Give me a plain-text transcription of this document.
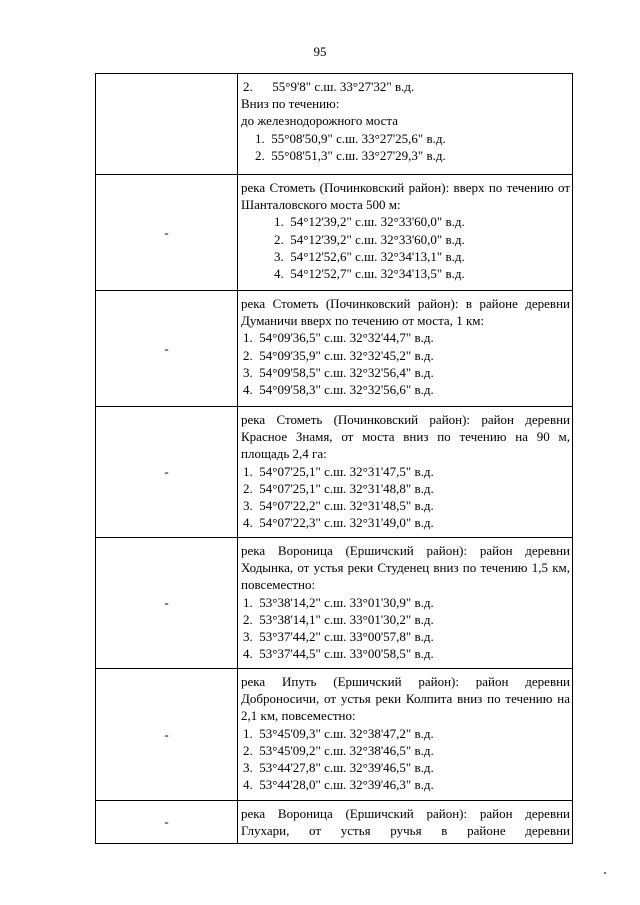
95

	2.      55°9'8" с.ш. 33°27'32" в.д.
Вниз по течению:
до железнодорожного моста
1.  55°08'50,9" с.ш. 33°27'25,6" в.д.
2.  55°08'51,3" с.ш. 33°27'29,3" в.д.

-	река Стометь (Починковский район): вверх по течению от Шанталовского моста 500 м:
1.  54°12'39,2" с.ш. 32°33'60,0" в.д.
2.  54°12'39,2" с.ш. 32°33'60,0" в.д.
3.  54°12'52,6" с.ш. 32°34'13,1" в.д.
4.  54°12'52,7" с.ш. 32°34'13,5" в.д.

-	река Стометь (Починковский район): в районе деревни Думаничи вверх по течению от моста, 1 км:
1.  54°09'36,5" с.ш. 32°32'44,7" в.д.
2.  54°09'35,9" с.ш. 32°32'45,2" в.д.
3.  54°09'58,5" с.ш. 32°32'56,4" в.д.
4.  54°09'58,3" с.ш. 32°32'56,6" в.д.

-	река Стометь (Починковский район): район деревни Красное Знамя, от моста вниз по течению на 90 м, площадь 2,4 га:
1.  54°07'25,1" с.ш. 32°31'47,5" в.д.
2.  54°07'25,1" с.ш. 32°31'48,8" в.д.
3.  54°07'22,2" с.ш. 32°31'48,5" в.д.
4.  54°07'22,3" с.ш. 32°31'49,0" в.д.

-	река Вороница (Ершичский район): район деревни Ходынка, от устья реки Студенец вниз по течению 1,5 км, повсеместно:
1.  53°38'14,2" с.ш. 33°01'30,9" в.д.
2.  53°38'14,1" с.ш. 33°01'30,2" в.д.
3.  53°37'44,2" с.ш. 33°00'57,8" в.д.
4.  53°37'44,5" с.ш. 33°00'58,5" в.д.

-	река Ипуть (Ершичский район): район деревни Доброносичи, от устья реки Колпита вниз по течению на 2,1 км, повсеместно:
1.  53°45'09,3" с.ш. 32°38'47,2" в.д.
2.  53°45'09,2" с.ш. 32°38'46,5" в.д.
3.  53°44'27,8" с.ш. 32°39'46,5" в.д.
4.  53°44'28,0" с.ш. 32°39'46,3" в.д.

-	река Вороница (Ершичский район): район деревни Глухари, от устья ручья в районе деревни
